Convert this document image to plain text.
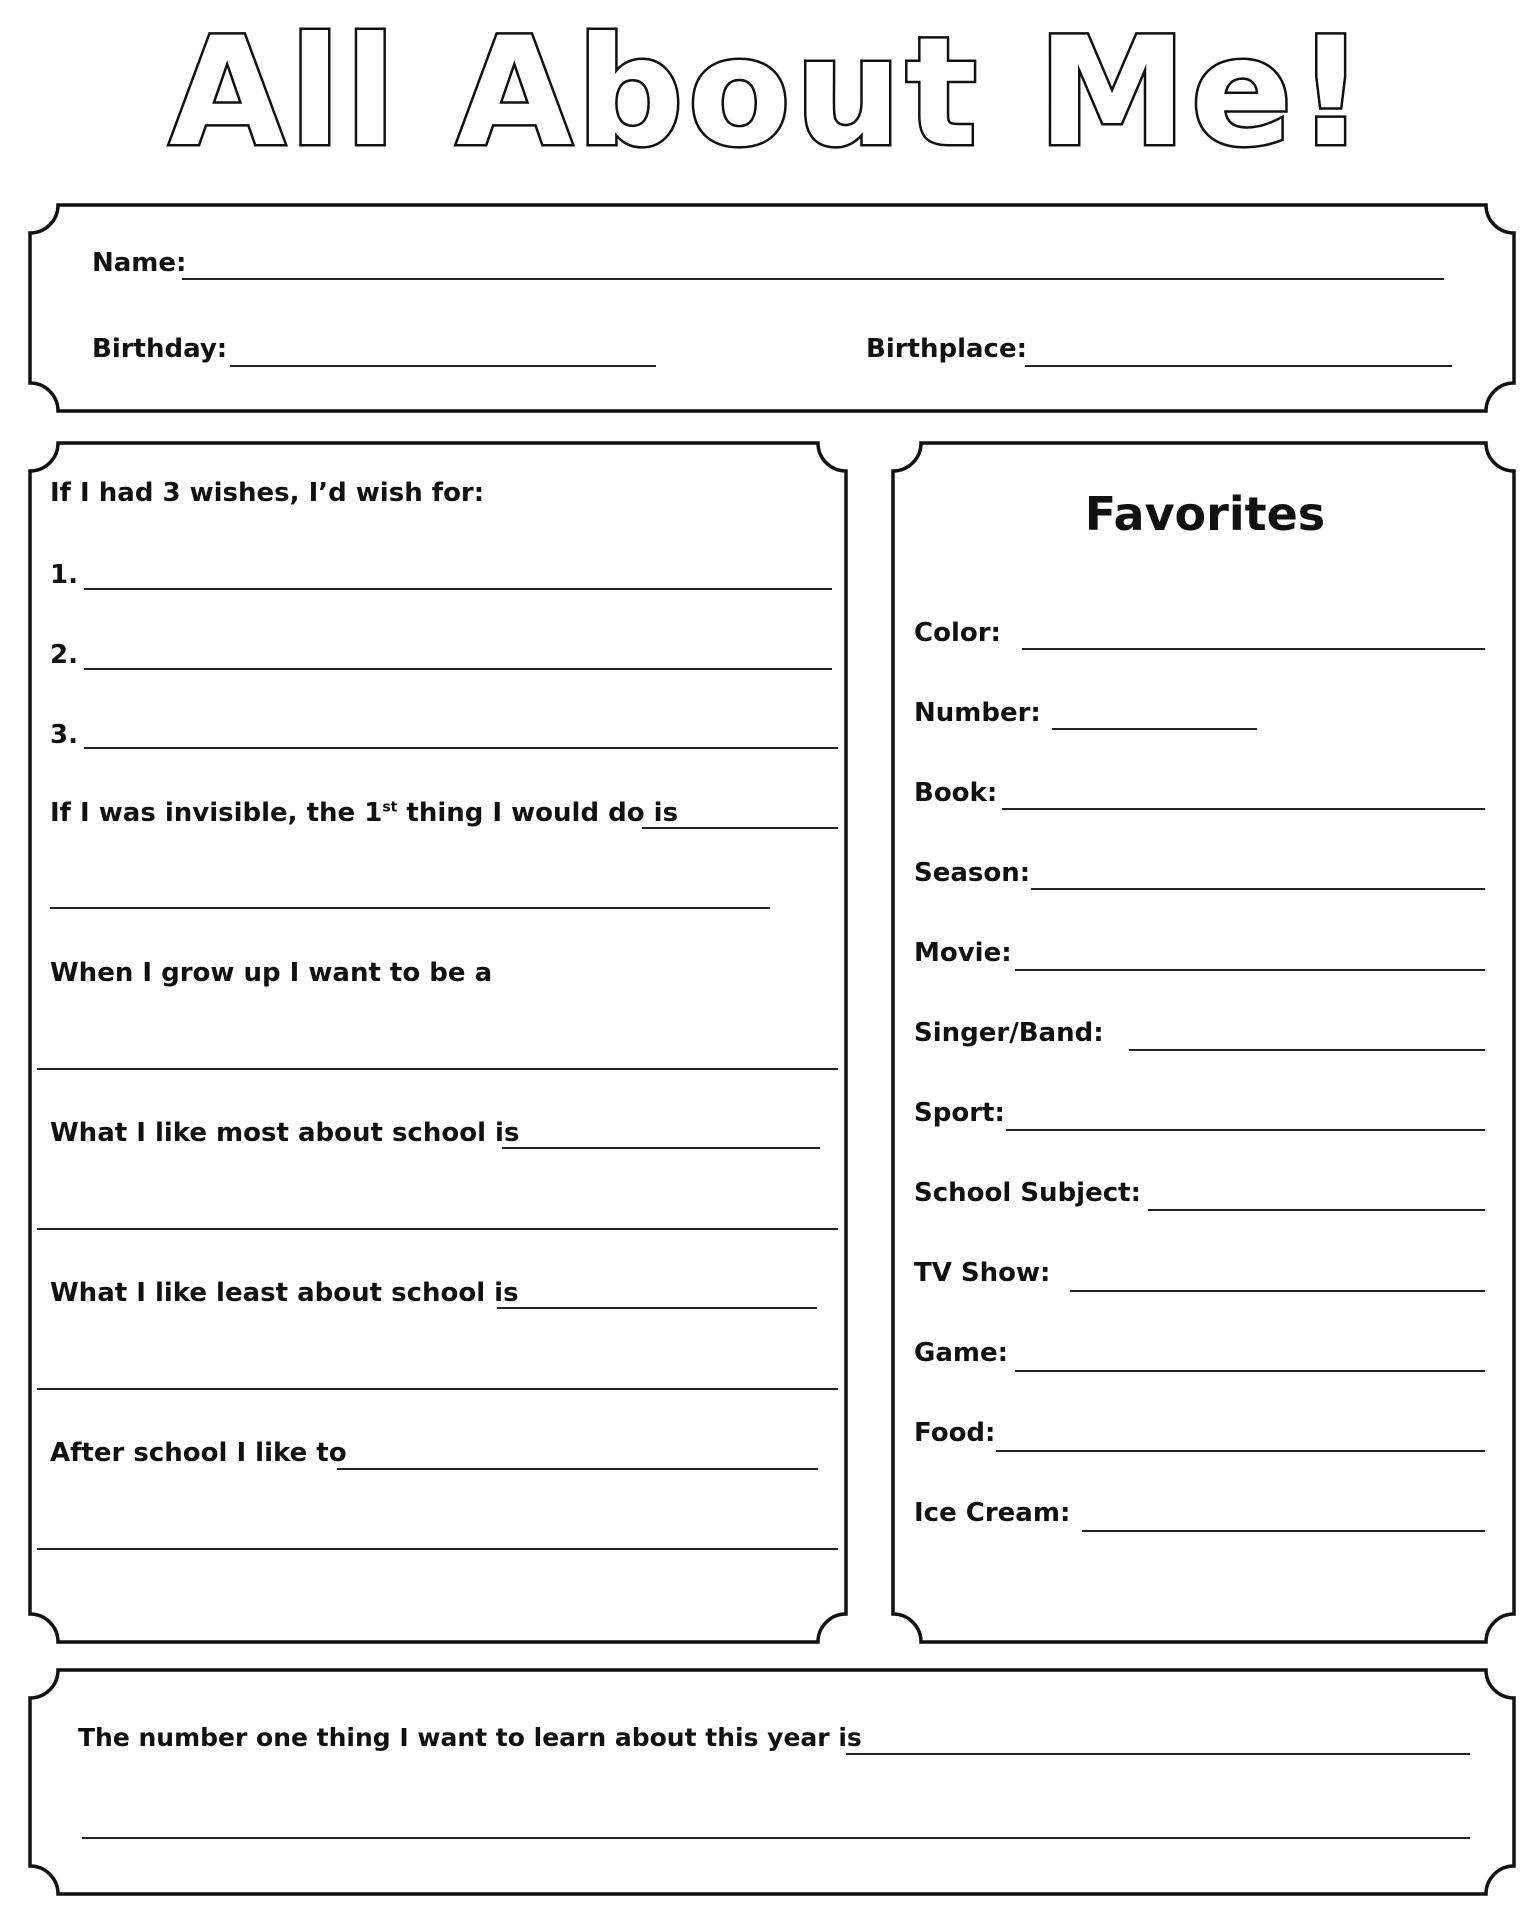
All About Me!
Name:
Birthday:	Birthplace:
If I had 3 wishes, I’d wish for:
1.
2.
3.
If I was invisible, the 1st thing I would do is
When I grow up I want to be a
What I like most about school is
What I like least about school is
After school I like to
Favorites
Color:
Number:
Book:
Season:
Movie:
Singer/Band:
Sport:
School Subject:
TV Show:
Game:
Food:
Ice Cream:
The number one thing I want to learn about this year is
